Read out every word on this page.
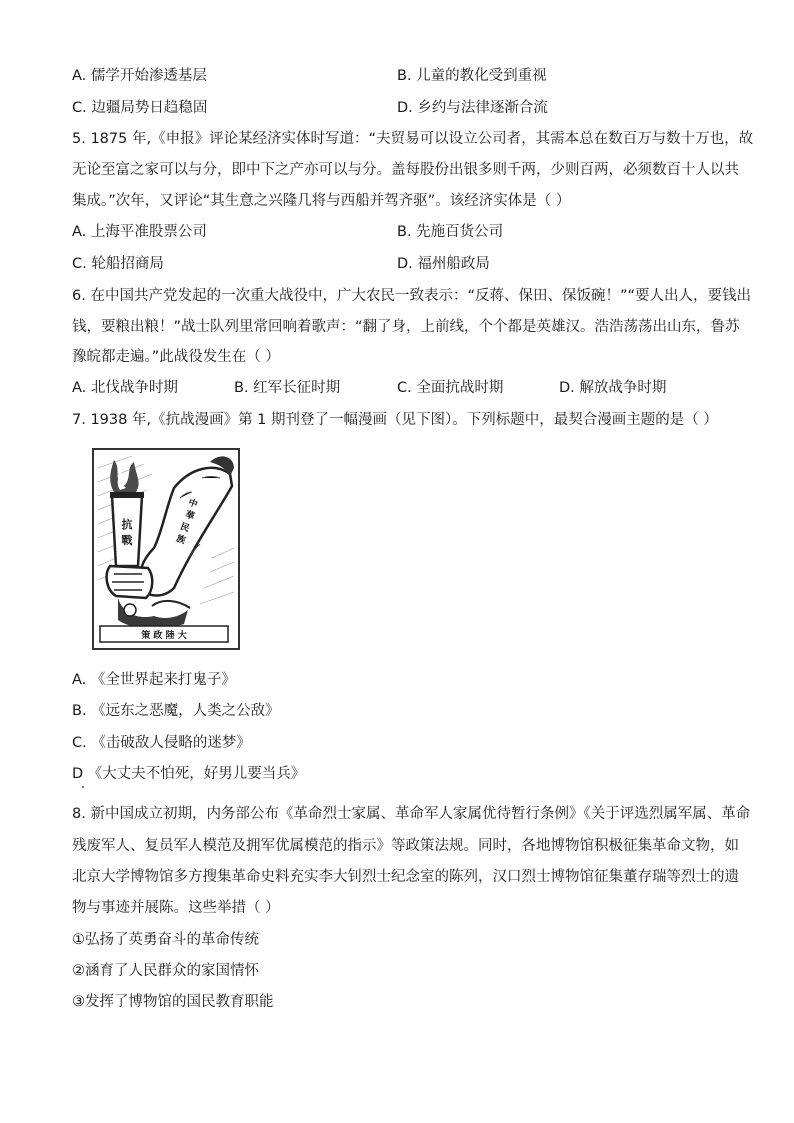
A. 儒学开始渗透基层	B. 儿童的教化受到重视
C. 边疆局势日趋稳固	D. 乡约与法律逐渐合流
5. 1875 年,《申报》评论某经济实体时写道：“夫贸易可以设立公司者，其需本总在数百万与数十万也，故
无论至富之家可以与分，即中下之产亦可以与分。盖每股份出银多则千两，少则百两，必须数百十人以共
集成。”次年，又评论“其生意之兴隆几将与西船并驾齐驱”。该经济实体是（ ）
A. 上海平准股票公司	B. 先施百货公司
C. 轮船招商局	D. 福州船政局
6. 在中国共产党发起的一次重大战役中，广大农民一致表示：“反蒋、保田、保饭碗！”“要人出人，要钱出
钱，要粮出粮！”战士队列里常回响着歌声：“翻了身，上前线，个个都是英雄汉。浩浩荡荡出山东，鲁苏
豫皖都走遍。”此战役发生在（ ）
A. 北伐战争时期	B. 红军长征时期	C. 全面抗战时期	D. 解放战争时期
7. 1938 年,《抗战漫画》第 1 期刊登了一幅漫画（见下图）。下列标题中，最契合漫画主题的是（ ）
抗
戰
中
華
民
族
策 政 陸 大
A. 《全世界起来打鬼子》
B. 《远东之恶魔，人类之公敌》
C. 《击破敌人侵略的迷梦》
D 《大丈夫不怕死，好男儿要当兵》
8. 新中国成立初期，内务部公布《革命烈士家属、革命军人家属优待暂行条例》《关于评选烈属军属、革命
残废军人、复员军人模范及拥军优属模范的指示》等政策法规。同时，各地博物馆积极征集革命文物，如
北京大学博物馆多方搜集革命史料充实李大钊烈士纪念室的陈列，汉口烈士博物馆征集董存瑞等烈士的遗
物与事迹并展陈。这些举措（ ）
①弘扬了英勇奋斗的革命传统
②涵育了人民群众的家国情怀
③发挥了博物馆的国民教育职能
